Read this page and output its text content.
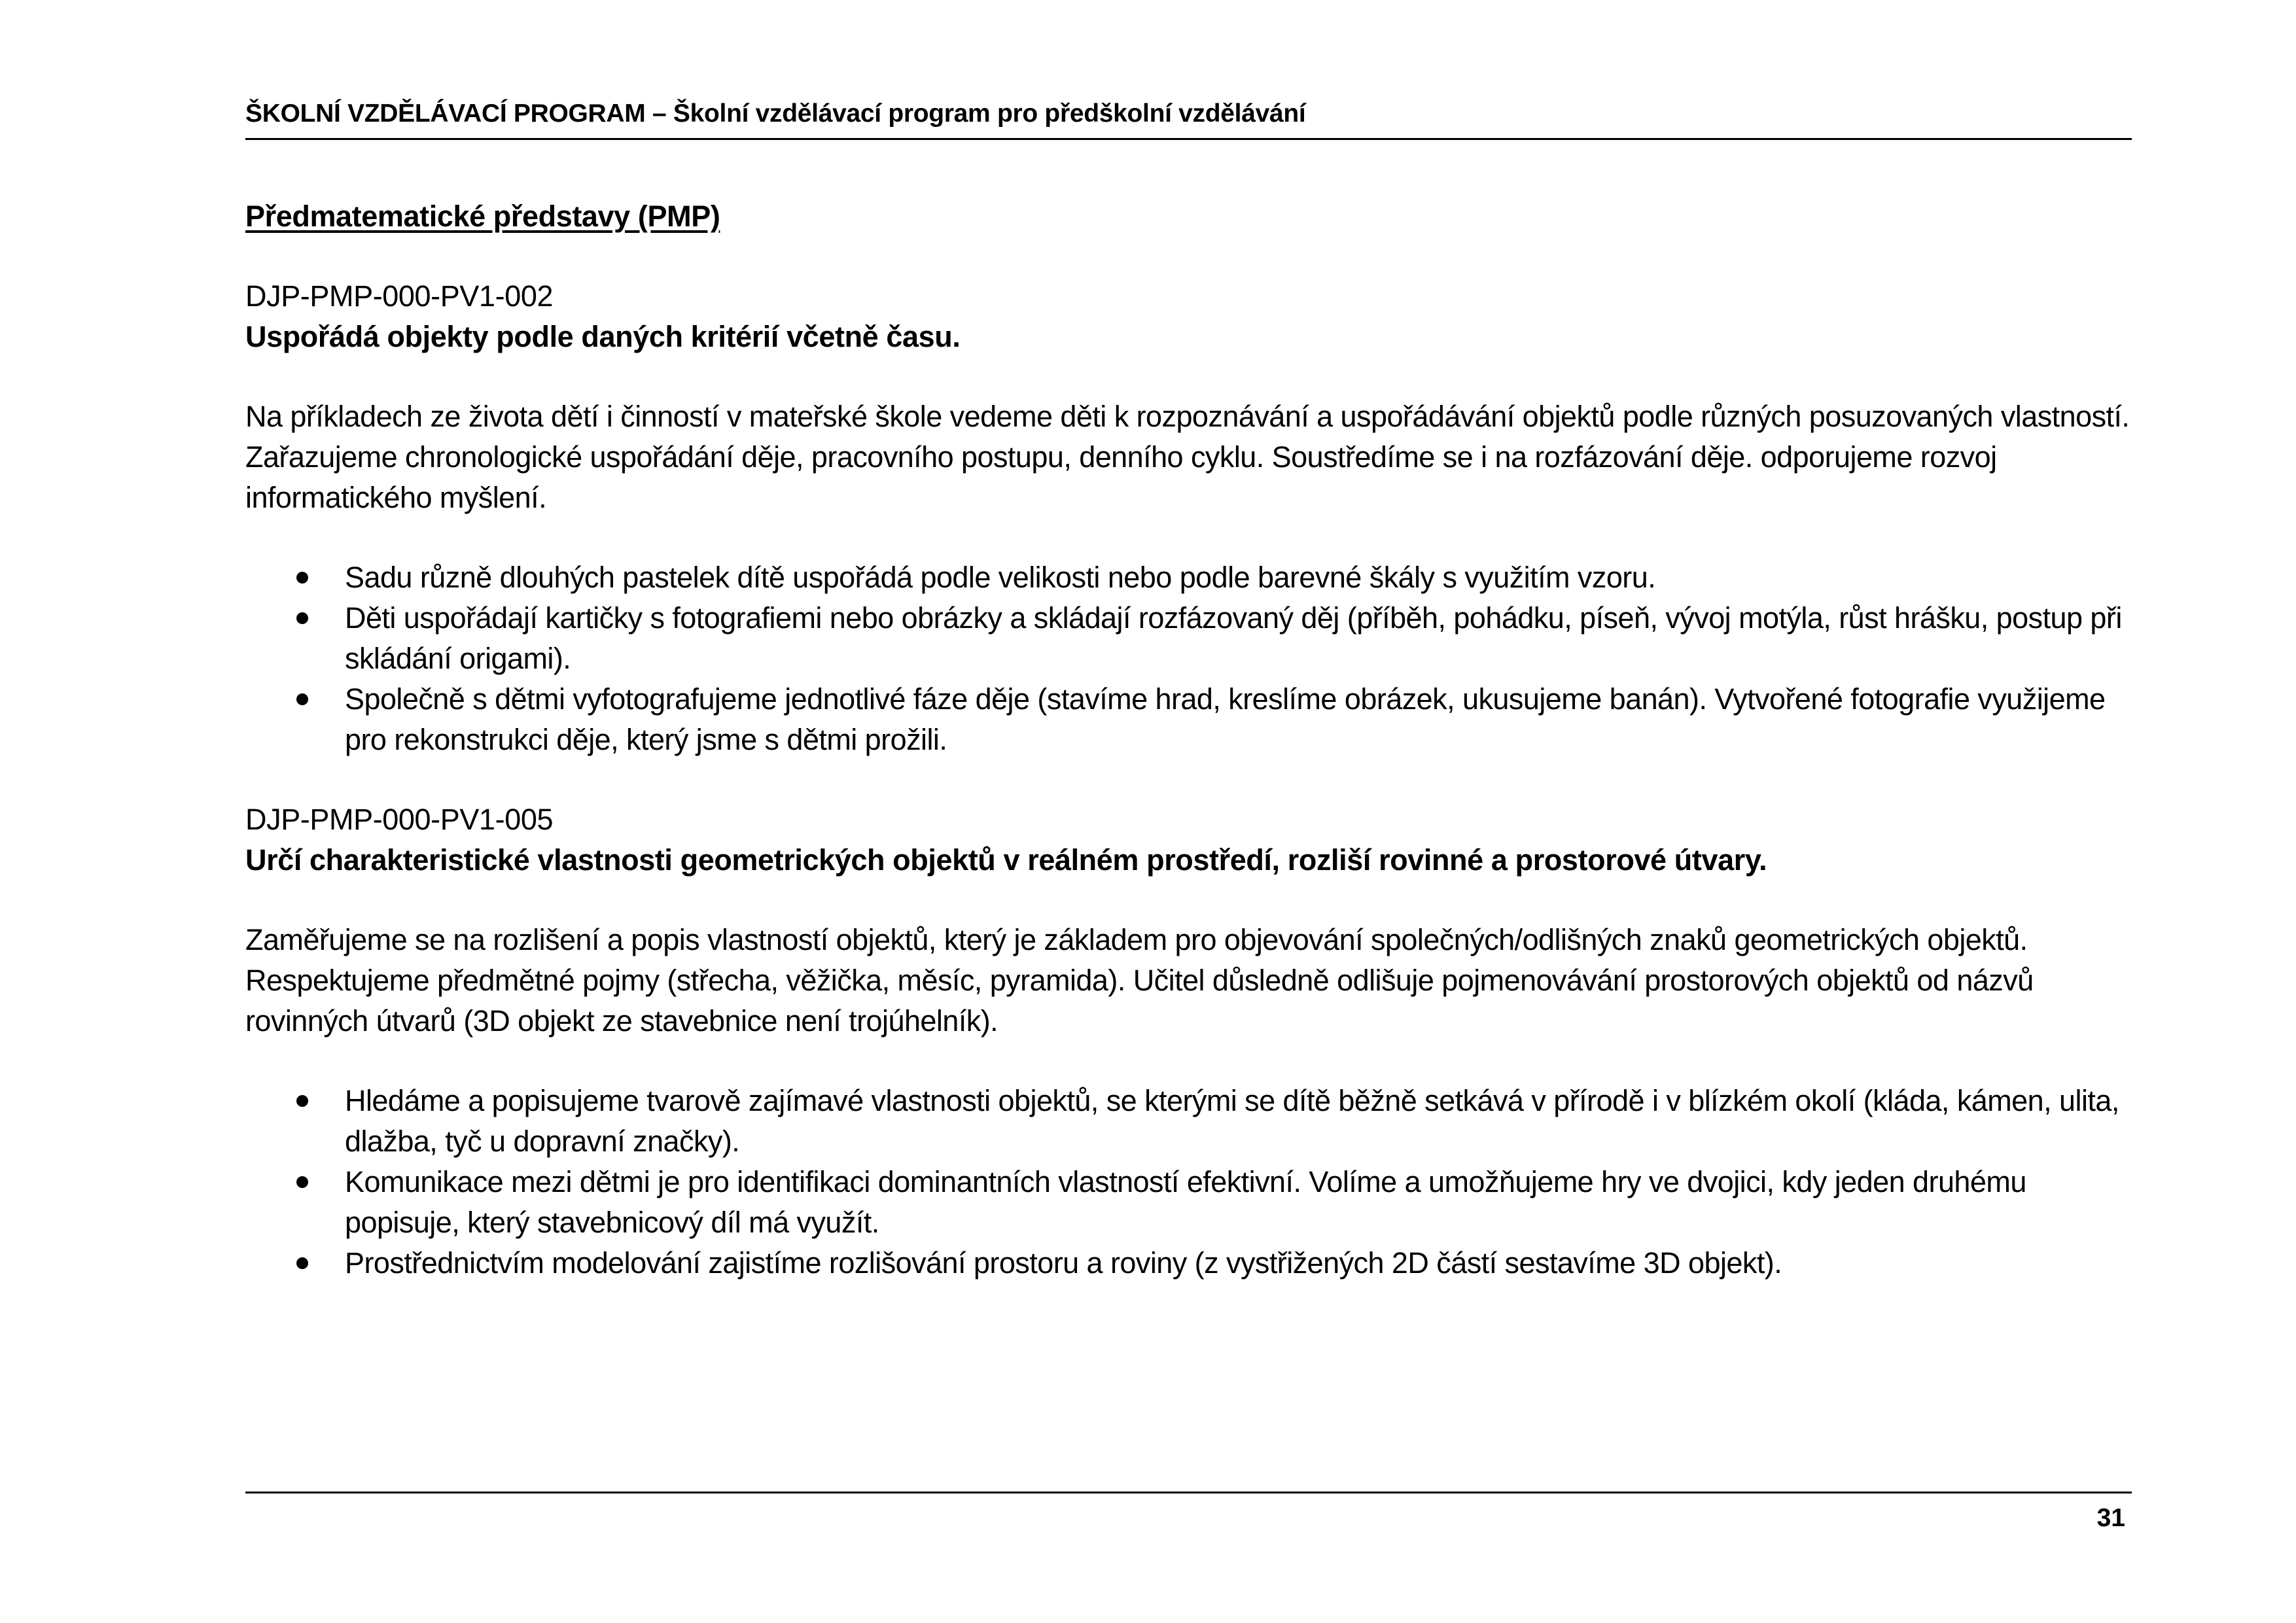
ŠKOLNÍ VZDĚLÁVACÍ PROGRAM – Školní vzdělávací program pro předškolní vzdělávání
Předmatematické představy (PMP)
DJP-PMP-000-PV1-002
Uspořádá objekty podle daných kritérií včetně času.
Na příkladech ze života dětí i činností v mateřské škole vedeme děti k rozpoznávání a uspořádávání objektů podle různých posuzovaných vlastností. Zařazujeme chronologické uspořádání děje, pracovního postupu, denního cyklu. Soustředíme se i na rozfázování děje. odporujeme rozvoj informatického myšlení.
Sadu různě dlouhých pastelek dítě uspořádá podle velikosti nebo podle barevné škály s využitím vzoru.
Děti uspořádají kartičky s fotografiemi nebo obrázky a skládají rozfázovaný děj (příběh, pohádku, píseň, vývoj motýla, růst hrášku, postup při skládání origami).
Společně s dětmi vyfotografujeme jednotlivé fáze děje (stavíme hrad, kreslíme obrázek, ukusujeme banán). Vytvořené fotografie využijeme pro rekonstrukci děje, který jsme s dětmi prožili.
DJP-PMP-000-PV1-005
Určí charakteristické vlastnosti geometrických objektů v reálném prostředí, rozliší rovinné a prostorové útvary.
Zaměřujeme se na rozlišení a popis vlastností objektů, který je základem pro objevování společných/odlišných znaků geometrických objektů. Respektujeme předmětné pojmy (střecha, věžička, měsíc, pyramida). Učitel důsledně odlišuje pojmenovávání prostorových objektů od názvů rovinných útvarů (3D objekt ze stavebnice není trojúhelník).
Hledáme a popisujeme tvarově zajímavé vlastnosti objektů, se kterými se dítě běžně setkává v přírodě i v blízkém okolí (kláda, kámen, ulita, dlažba, tyč u dopravní značky).
Komunikace mezi dětmi je pro identifikaci dominantních vlastností efektivní. Volíme a umožňujeme hry ve dvojici, kdy jeden druhému popisuje, který stavebnicový díl má využít.
Prostřednictvím modelování zajistíme rozlišování prostoru a roviny (z vystřižených 2D částí sestavíme 3D objekt).
31
